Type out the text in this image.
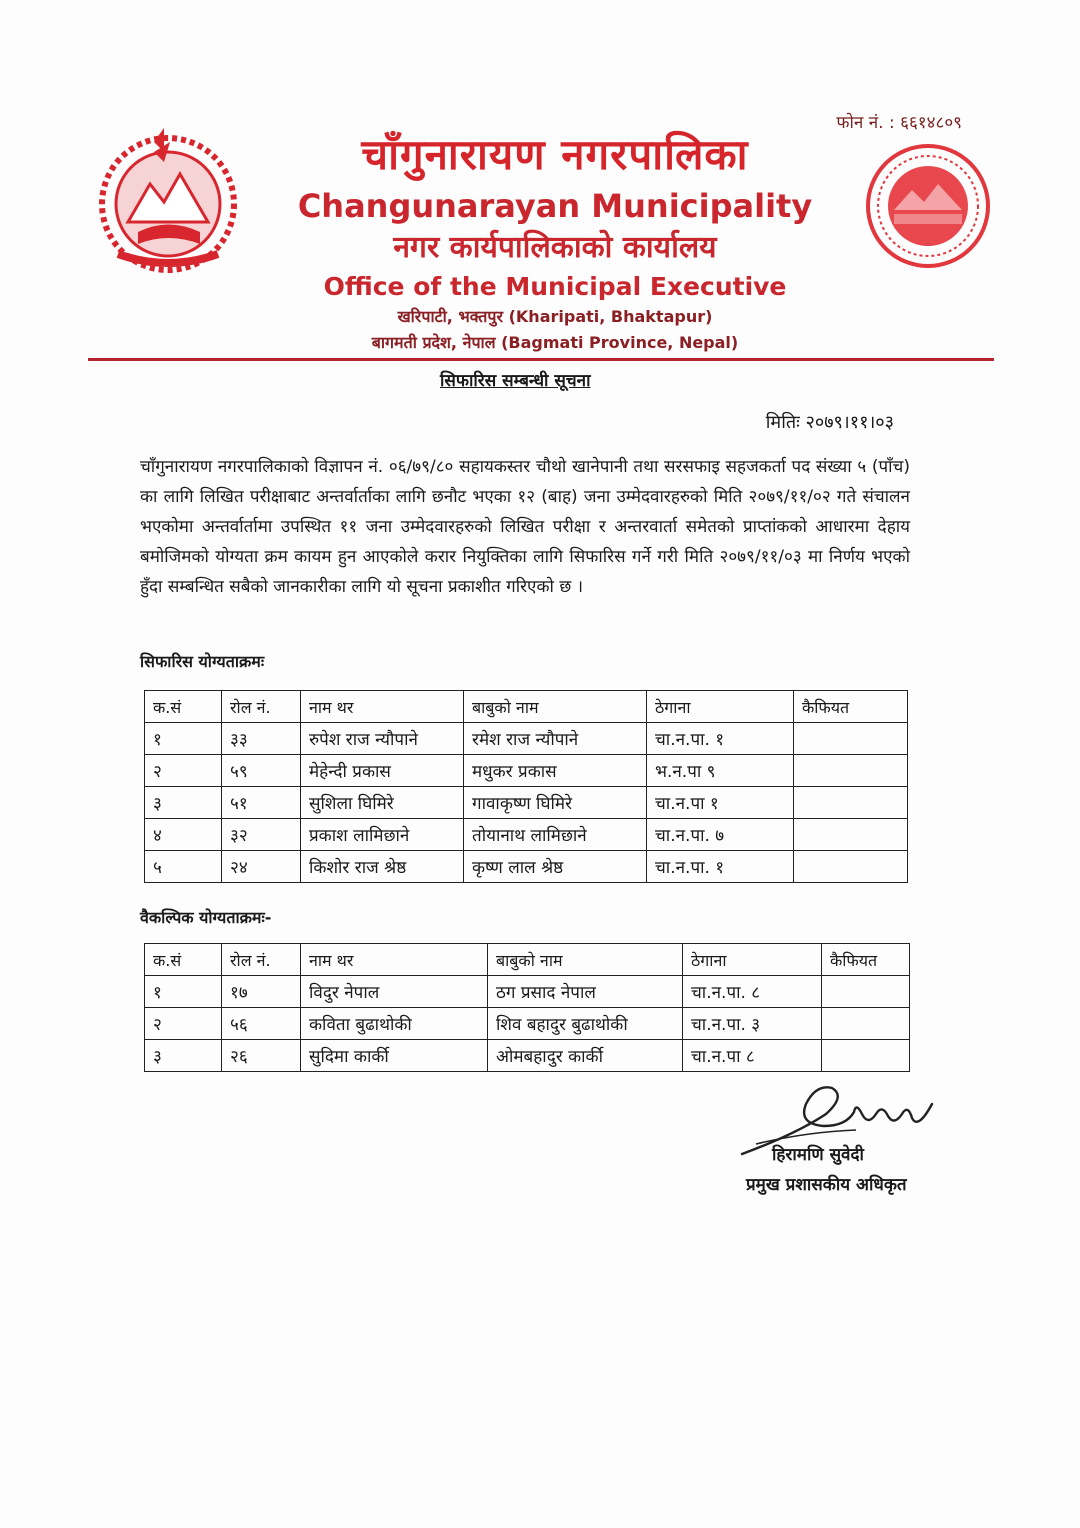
फोन नं. : ६६१४८०९
चाँगुनारायण नगरपालिका
Changunarayan Municipality
नगर कार्यपालिकाको कार्यालय
Office of the Municipal Executive
खरिपाटी, भक्तपुर (Kharipati, Bhaktapur)
बागमती प्रदेश, नेपाल (Bagmati Province, Nepal)
सिफारिस सम्बन्धी सूचना
मितिः २०७९।११।०३
चाँगुनारायण नगरपालिकाको विज्ञापन नं. ०६/७९/८० सहायकस्तर चौथो खानेपानी तथा सरसफाइ सहजकर्ता पद संख्या ५ (पाँच) का लागि लिखित परीक्षाबाट अन्तर्वार्ताका लागि छनौट भएका १२ (बाह) जना उम्मेदवारहरुको मिति २०७९/११/०२ गते संचालन भएकोमा अन्तर्वार्तामा उपस्थित ११ जना उम्मेदवारहरुको लिखित परीक्षा र अन्तरवार्ता समेतको प्राप्तांकको आधारमा देहाय बमोजिमको योग्यता क्रम कायम हुन आएकोले करार नियुक्तिका लागि सिफारिस गर्ने गरी मिति २०७९/११/०३ मा निर्णय भएको हुँदा सम्बन्धित सबैको जानकारीका लागि यो सूचना प्रकाशीत गरिएको छ ।
सिफारिस योग्यताक्रमः
क.सं	रोल नं.	नाम थर	बाबुको नाम	ठेगाना	कैफियत
१	३३	रुपेश राज न्यौपाने	रमेश राज न्यौपाने	चा.न.पा. १	
२	५९	मेहेन्दी प्रकास	मधुकर प्रकास	भ.न.पा ९	
३	५१	सुशिला घिमिरे	गावाकृष्ण घिमिरे	चा.न.पा १	
४	३२	प्रकाश लामिछाने	तोयानाथ लामिछाने	चा.न.पा. ७	
५	२४	किशोर राज श्रेष्ठ	कृष्ण लाल श्रेष्ठ	चा.न.पा. १	
वैकल्पिक योग्यताक्रमः-
क.सं	रोल नं.	नाम थर	बाबुको नाम	ठेगाना	कैफियत
१	१७	विदुर नेपाल	ठग प्रसाद नेपाल	चा.न.पा. ८	
२	५६	कविता बुढाथोकी	शिव बहादुर बुढाथोकी	चा.न.पा. ३	
३	२६	सुदिमा कार्की	ओमबहादुर कार्की	चा.न.पा ८	
हिरामणि सुवेदी
प्रमुख प्रशासकीय अधिकृत
